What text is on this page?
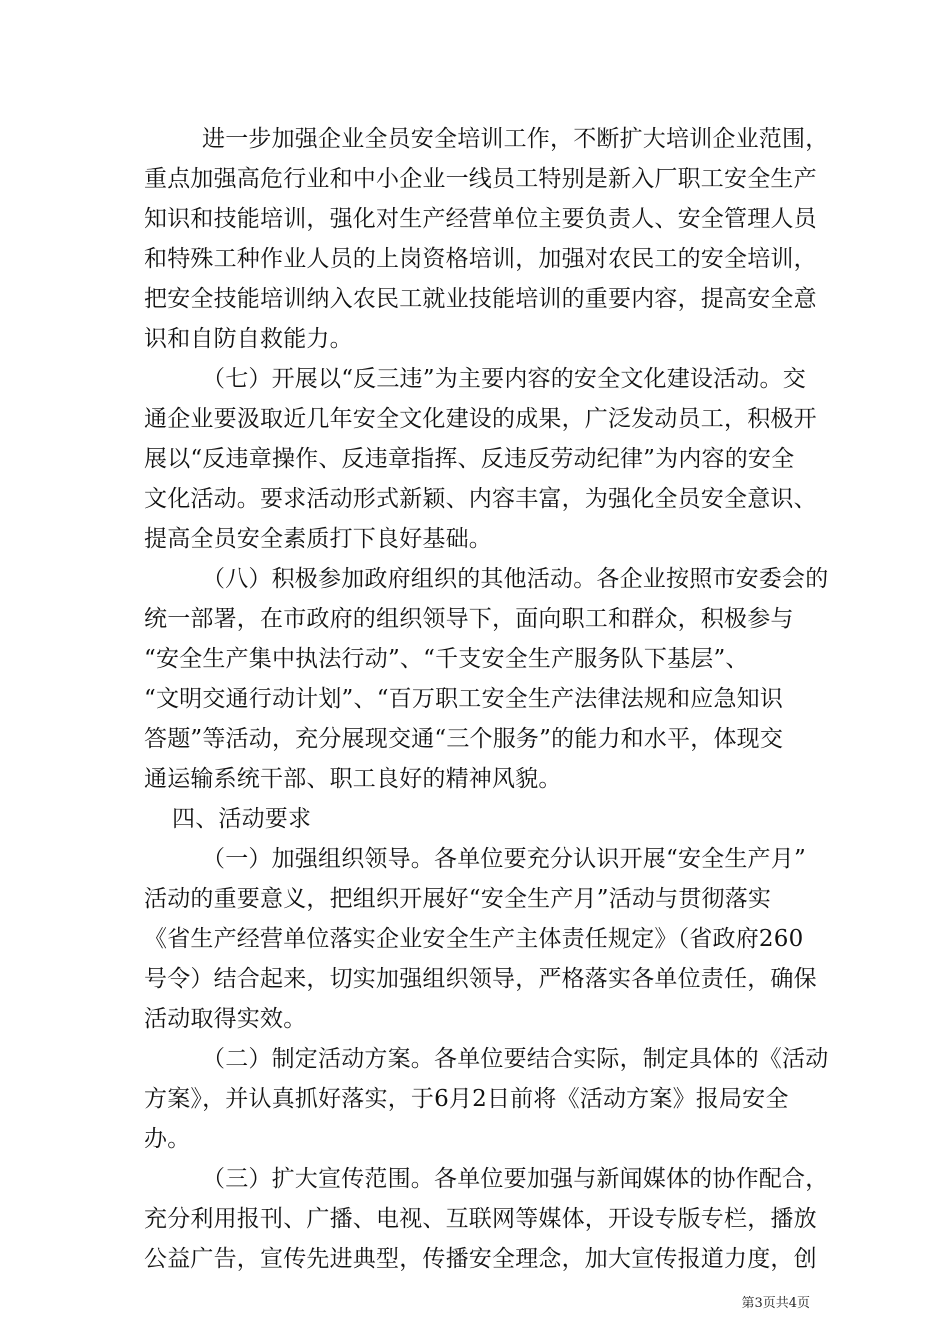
进一步加强企业全员安全培训工作，不断扩大培训企业范围，
重点加强高危行业和中小企业一线员工特别是新入厂职工安全生产
知识和技能培训，强化对生产经营单位主要负责人、安全管理人员
和特殊工种作业人员的上岗资格培训，加强对农民工的安全培训，
把安全技能培训纳入农民工就业技能培训的重要内容，提高安全意
识和自防自救能力。
（七）开展以“反三违”为主要内容的安全文化建设活动。交
通企业要汲取近几年安全文化建设的成果，广泛发动员工，积极开
展以“反违章操作、反违章指挥、反违反劳动纪律”为内容的安全
文化活动。要求活动形式新颖、内容丰富，为强化全员安全意识、
提高全员安全素质打下良好基础。
（八）积极参加政府组织的其他活动。各企业按照市安委会的
统一部署，在市政府的组织领导下，面向职工和群众，积极参与
“安全生产集中执法行动”、“千支安全生产服务队下基层”、
“文明交通行动计划”、“百万职工安全生产法律法规和应急知识
答题”等活动，充分展现交通“三个服务”的能力和水平，体现交
通运输系统干部、职工良好的精神风貌。
四、活动要求
（一）加强组织领导。各单位要充分认识开展“安全生产月”
活动的重要意义，把组织开展好“安全生产月”活动与贯彻落实
《省生产经营单位落实企业安全生产主体责任规定》（省政府260
号令）结合起来，切实加强组织领导，严格落实各单位责任，确保
活动取得实效。
（二）制定活动方案。各单位要结合实际，制定具体的《活动
方案》，并认真抓好落实，于6月2日前将《活动方案》报局安全
办。
（三）扩大宣传范围。各单位要加强与新闻媒体的协作配合，
充分利用报刊、广播、电视、互联网等媒体，开设专版专栏，播放
公益广告，宣传先进典型，传播安全理念，加大宣传报道力度，创
第3页共4页
